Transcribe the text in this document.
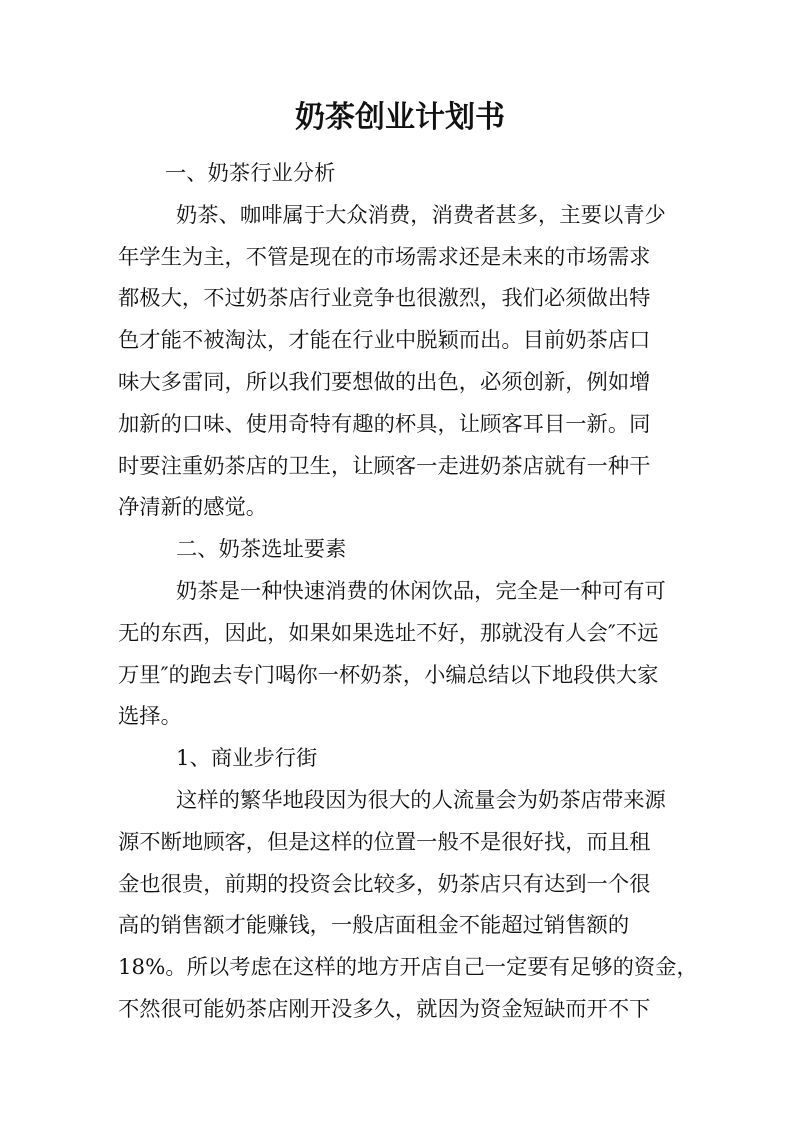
奶茶创业计划书
一、奶茶行业分析
奶茶、咖啡属于大众消费，消费者甚多，主要以青少
年学生为主，不管是现在的市场需求还是未来的市场需求
都极大，不过奶茶店行业竞争也很激烈，我们必须做出特
色才能不被淘汰，才能在行业中脱颖而出。目前奶茶店口
味大多雷同，所以我们要想做的出色，必须创新，例如增
加新的口味、使用奇特有趣的杯具，让顾客耳目一新。同
时要注重奶茶店的卫生，让顾客一走进奶茶店就有一种干
净清新的感觉。
二、奶茶选址要素
奶茶是一种快速消费的休闲饮品，完全是一种可有可
无的东西，因此，如果如果选址不好，那就没有人会″不远
万里″的跑去专门喝你一杯奶茶，小编总结以下地段供大家
选择。
1、商业步行街
这样的繁华地段因为很大的人流量会为奶茶店带来源
源不断地顾客，但是这样的位置一般不是很好找，而且租
金也很贵，前期的投资会比较多，奶茶店只有达到一个很
高的销售额才能赚钱，一般店面租金不能超过销售额的
18%。所以考虑在这样的地方开店自己一定要有足够的资金，
不然很可能奶茶店刚开没多久，就因为资金短缺而开不下
